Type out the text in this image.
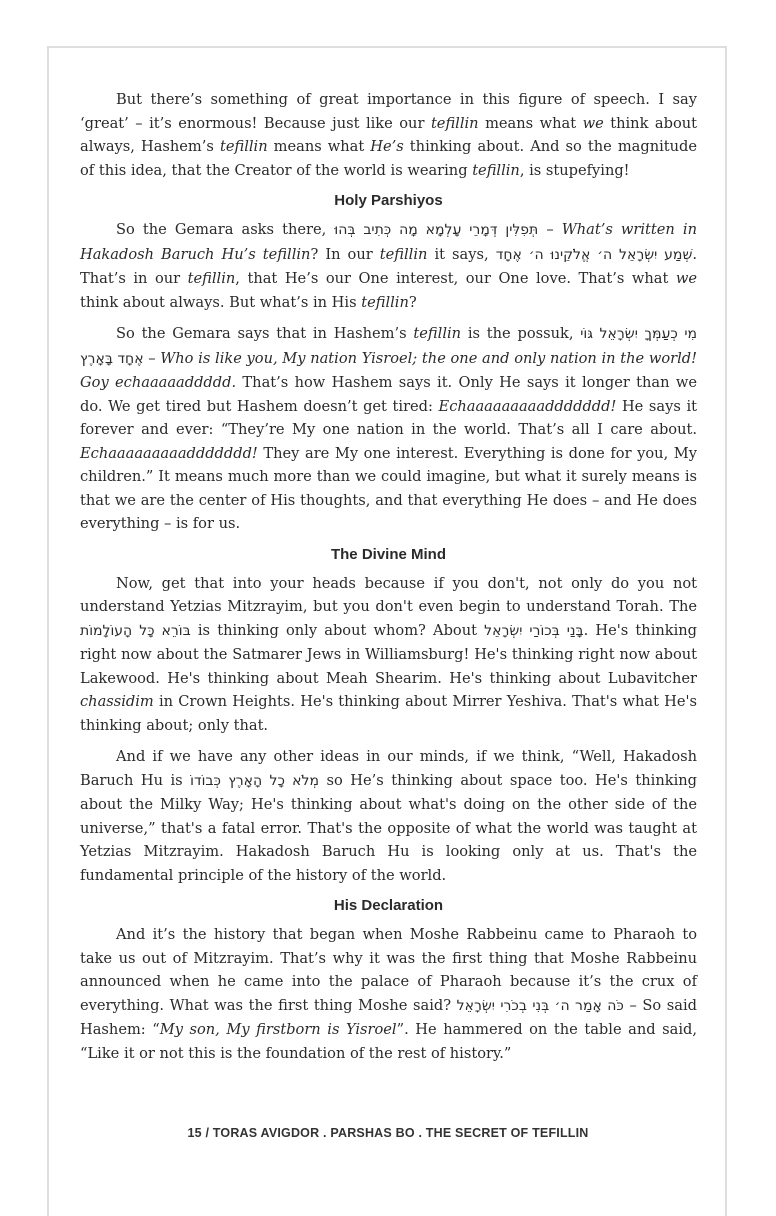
But there’s something of great importance in this figure of speech. I say ‘great’ – it’s enormous! Because just like our tefillin means what we think about always, Hashem’s tefillin means what He’s thinking about. And so the magnitude of this idea, that the Creator of the world is wearing tefillin, is stupefying!

Holy Parshiyos

So the Gemara asks there, תְּפִלִּין דְּמָרֵי עָלְמָא מָה כְּתִיב בְּהוּ – What’s written in Hakadosh Baruch Hu’s tefillin? In our tefillin it says, שְׁמַע יִשְׂרָאֵל ה׳ אֱלֹקֵינוּ ה׳ אֶחָד. That’s in our tefillin, that He’s our One interest, our One love. That’s what we think about always. But what’s in His tefillin?

So the Gemara says that in Hashem’s tefillin is the possuk, מִי כְעַמְּךָ יִשְׂרָאֵל גּוֹי אֶחָד בָּאָרֶץ – Who is like you, My nation Yisroel; the one and only nation in the world! Goy echaaaaaddddd. That’s how Hashem says it. Only He says it longer than we do. We get tired but Hashem doesn’t get tired: Echaaaaaaaaaddddddd! He says it forever and ever: “They’re My one nation in the world. That’s all I care about. Echaaaaaaaaaddddddd! They are My one interest. Everything is done for you, My children.” It means much more than we could imagine, but what it surely means is that we are the center of His thoughts, and that everything He does – and He does everything – is for us.

The Divine Mind

Now, get that into your heads because if you don't, not only do you not understand Yetzias Mitzrayim, but you don't even begin to understand Torah. The בּוֹרֵא כָּל הָעוֹלָמוֹת is thinking only about whom? About בָּנַי בְּכוֹרַי יִשְׂרָאֵל. He's thinking right now about the Satmarer Jews in Williamsburg! He's thinking right now about Lakewood. He's thinking about Meah Shearim. He's thinking about Lubavitcher chassidim in Crown Heights. He's thinking about Mirrer Yeshiva. That's what He's thinking about; only that.

And if we have any other ideas in our minds, if we think, “Well, Hakadosh Baruch Hu is מְלֹא כָל הָאָרֶץ כְּבוֹדוֹ so He’s thinking about space too. He's thinking about the Milky Way; He's thinking about what's doing on the other side of the universe,” that's a fatal error. That's the opposite of what the world was taught at Yetzias Mitzrayim. Hakadosh Baruch Hu is looking only at us. That's the fundamental principle of the history of the world.

His Declaration

And it’s the history that began when Moshe Rabbeinu came to Pharaoh to take us out of Mitzrayim. That’s why it was the first thing that Moshe Rabbeinu announced when he came into the palace of Pharaoh because it’s the crux of everything. What was the first thing Moshe said? כֹּה אָמַר ה׳ בְּנִי בְכֹרִי יִשְׂרָאֵל – So said Hashem: “My son, My firstborn is Yisroel”. He hammered on the table and said, “Like it or not this is the foundation of the rest of history.”

15 / TORAS AVIGDOR . PARSHAS BO . THE SECRET OF TEFILLIN
